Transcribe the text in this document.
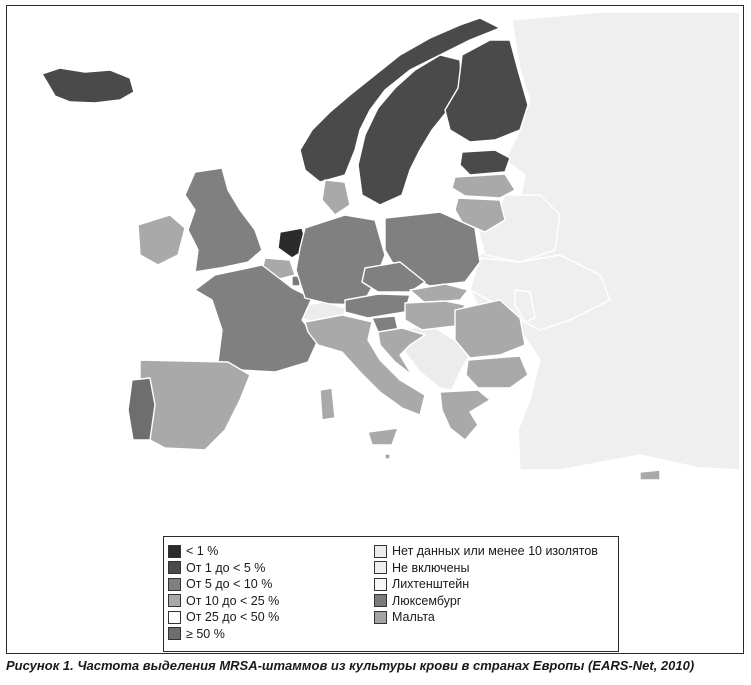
< 1 %
От 1 до < 5 %
От 5 до < 10 %
От 10 до < 25 %
От 25 до < 50 %
≥ 50 %
Нет данных или менее 10 изолятов
Не включены
Лихтенштейн
Люксембург
Мальта
Рисунок 1. Частота выделения MRSA-штаммов из культуры крови в странах Европы (EARS-Net, 2010)
